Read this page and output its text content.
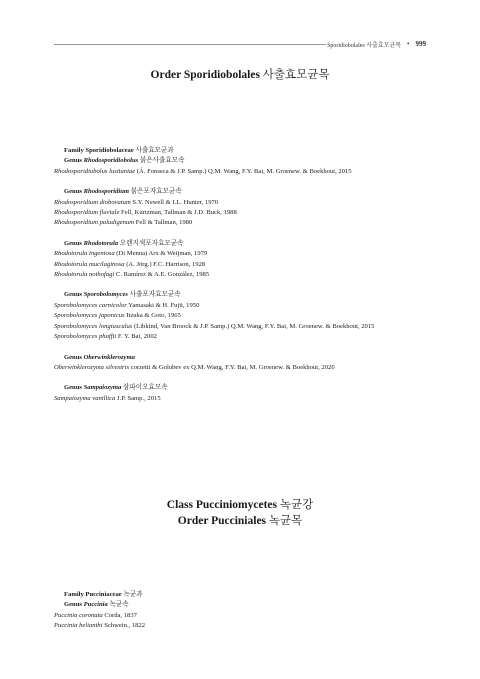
Sporidiobolales 사출효모균목 • 999
Order Sporidiobolales 사출효모균목
Family Sporidiobolaceae 사출효모균과
Genus Rhodosporidiobolus 붉은사출효모속
Rhodosporidiobolus lusitaniae (Á. Fonseca & J.P. Samp.) Q.M. Wang, F.Y. Bai, M. Groenew. & Boekhout, 2015
Genus Rhodosporidium 붉은포자효모균속
Rhodosporidium diobovatum S.Y. Newell & I.L. Hunter, 1970
Rhodosporidium fluviale Fell, Kurtzman, Tallman & J.D. Buck, 1988
Rhodosporidium paludigenum Fell & Tallman, 1980
Genus Rhodotorula 오렌지색포자효모균속
Rhodotorula ingeniosa (Di Menna) Arx & Weijman, 1979
Rhodotorula mucilaginosa (A. Jörg.) F.C. Harrison, 1928
Rhodotorula nothofagi C. Ramírez & A.E. González, 1985
Genus Sporobolomyces 사출포자효모균속
Sporobolomyces carnicolor Yamasaki & H. Fujii, 1950
Sporobolomyces japonicus Iizuka & Goto, 1965
Sporobolomyces longiusculus (Libkind, Van Broock & J.P. Samp.) Q.M. Wang, F.Y. Bai, M. Groenew. & Boekhout, 2015
Sporobolomyces phaffii F. Y. Bai, 2002
Genus Oberwinklerozyma
Oberwinklerozyma silvestris corzetti & Golubev ex Q.M. Wang, F.Y. Bai, M. Groenew. & Boekhout, 2020
Genus Sampaiozyma 삼파이오효모속
Sampaiozyma vanillica J.P. Samp., 2015
Class Pucciniomycetes 녹균강
Order Pucciniales 녹균목
Family Pucciniaceae 녹균과
Genus Puccinia 녹균속
Puccinia coronata Corda, 1837
Puccinia helianthi Schwein., 1822
